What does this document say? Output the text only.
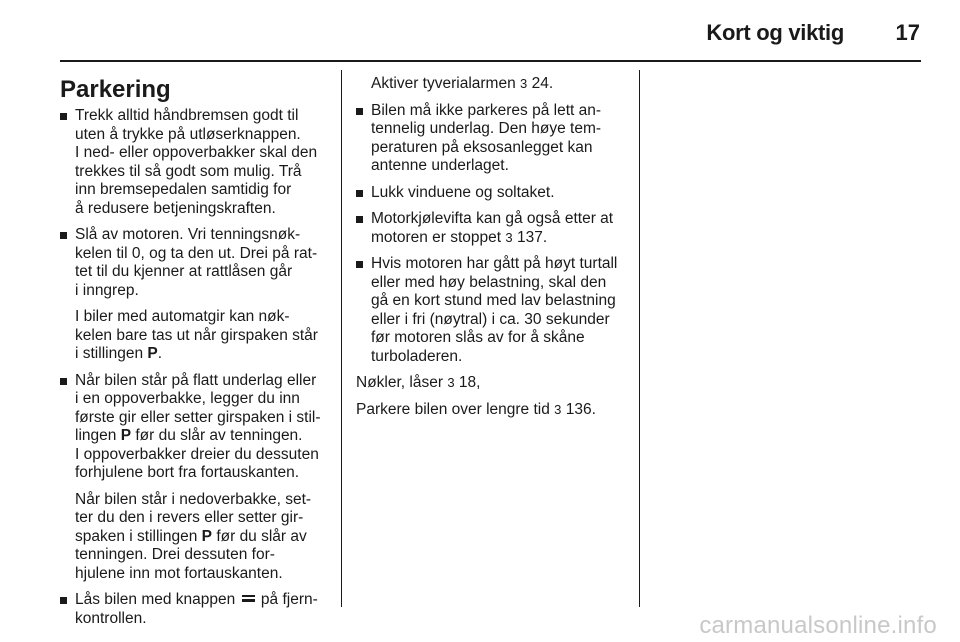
Kort og viktig 17
Parkering

Trekk alltid håndbremsen godt til
uten å trykke på utløserknappen.
I ned- eller oppoverbakker skal den
trekkes til så godt som mulig. Trå
inn bremsepedalen samtidig for
å redusere betjeningskraften.

Slå av motoren. Vri tenningsnøk-
kelen til 0, og ta den ut. Drei på rat-
tet til du kjenner at rattlåsen går
i inngrep.

I biler med automatgir kan nøk-
kelen bare tas ut når girspaken står
i stillingen P.

Når bilen står på flatt underlag eller
i en oppoverbakke, legger du inn
første gir eller setter girspaken i stil-
lingen P før du slår av tenningen.
I oppoverbakker dreier du dessuten
forhjulene bort fra fortauskanten.

Når bilen står i nedoverbakke, set-
ter du den i revers eller setter gir-
spaken i stillingen P før du slår av
tenningen. Drei dessuten for-
hjulene inn mot fortauskanten.

Lås bilen med knappen  på fjern-
kontrollen.

Aktiver tyverialarmen 3 24.

Bilen må ikke parkeres på lett an-
tennelig underlag. Den høye tem-
peraturen på eksosanlegget kan
antenne underlaget.

Lukk vinduene og soltaket.

Motorkjølevifta kan gå også etter at
motoren er stoppet 3 137.

Hvis motoren har gått på høyt turtall
eller med høy belastning, skal den
gå en kort stund med lav belastning
eller i fri (nøytral) i ca. 30 sekunder
før motoren slås av for å skåne
turboladeren.

Nøkler, låser 3 18,

Parkere bilen over lengre tid 3 136.

carmanualsonline.info
